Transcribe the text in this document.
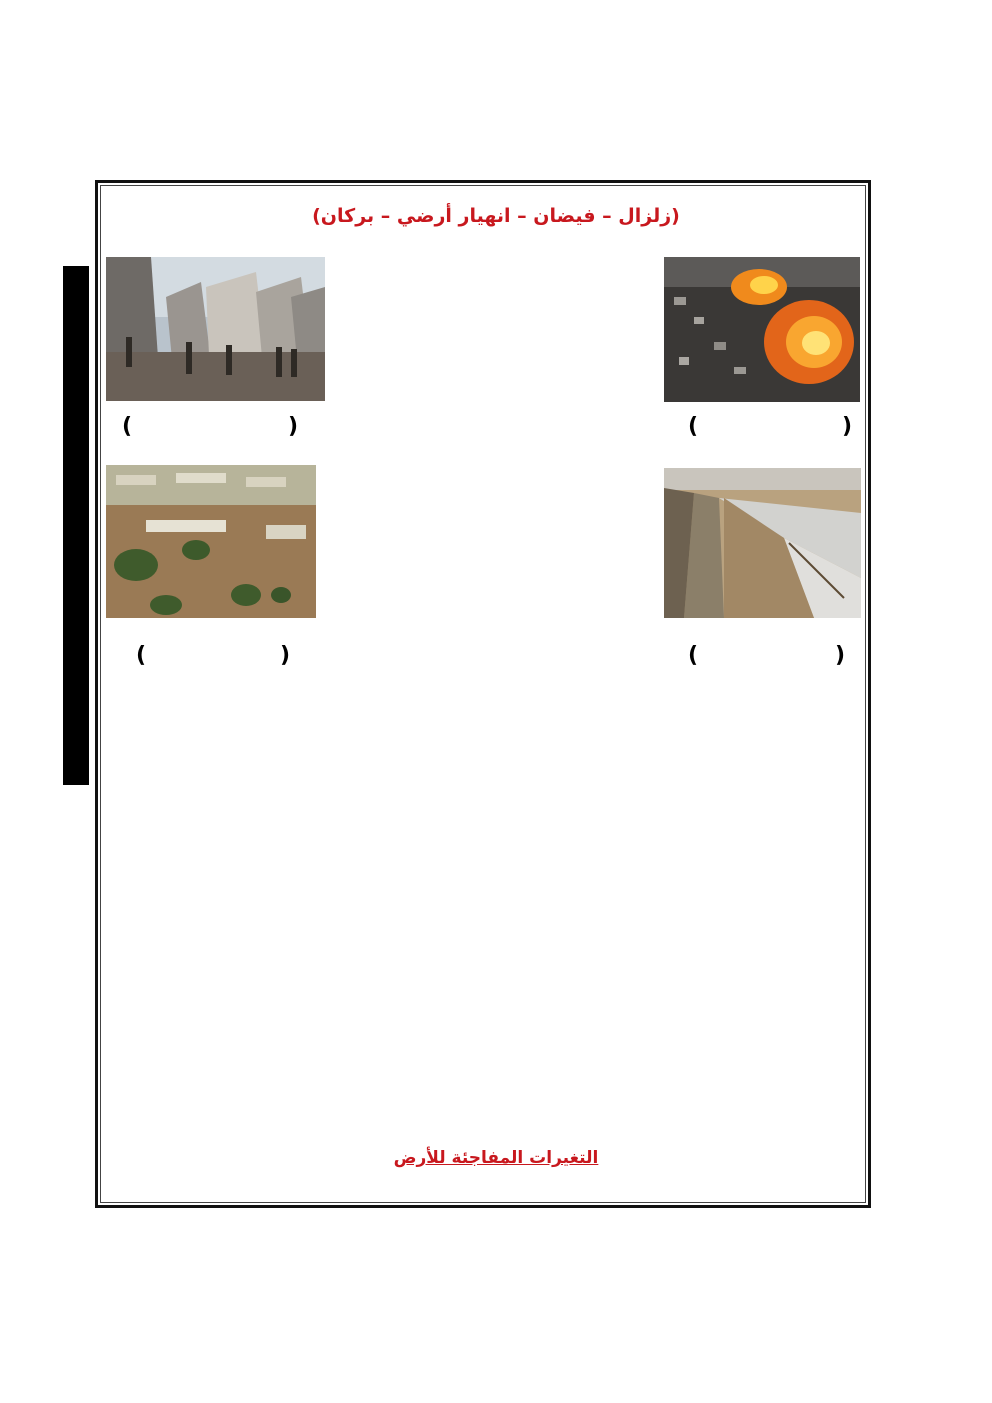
(زلزال – فيضان – انهيار أرضي – بركان)
(	)	(	)
(	)	(	)
التغيرات المفاجئة للأرض
